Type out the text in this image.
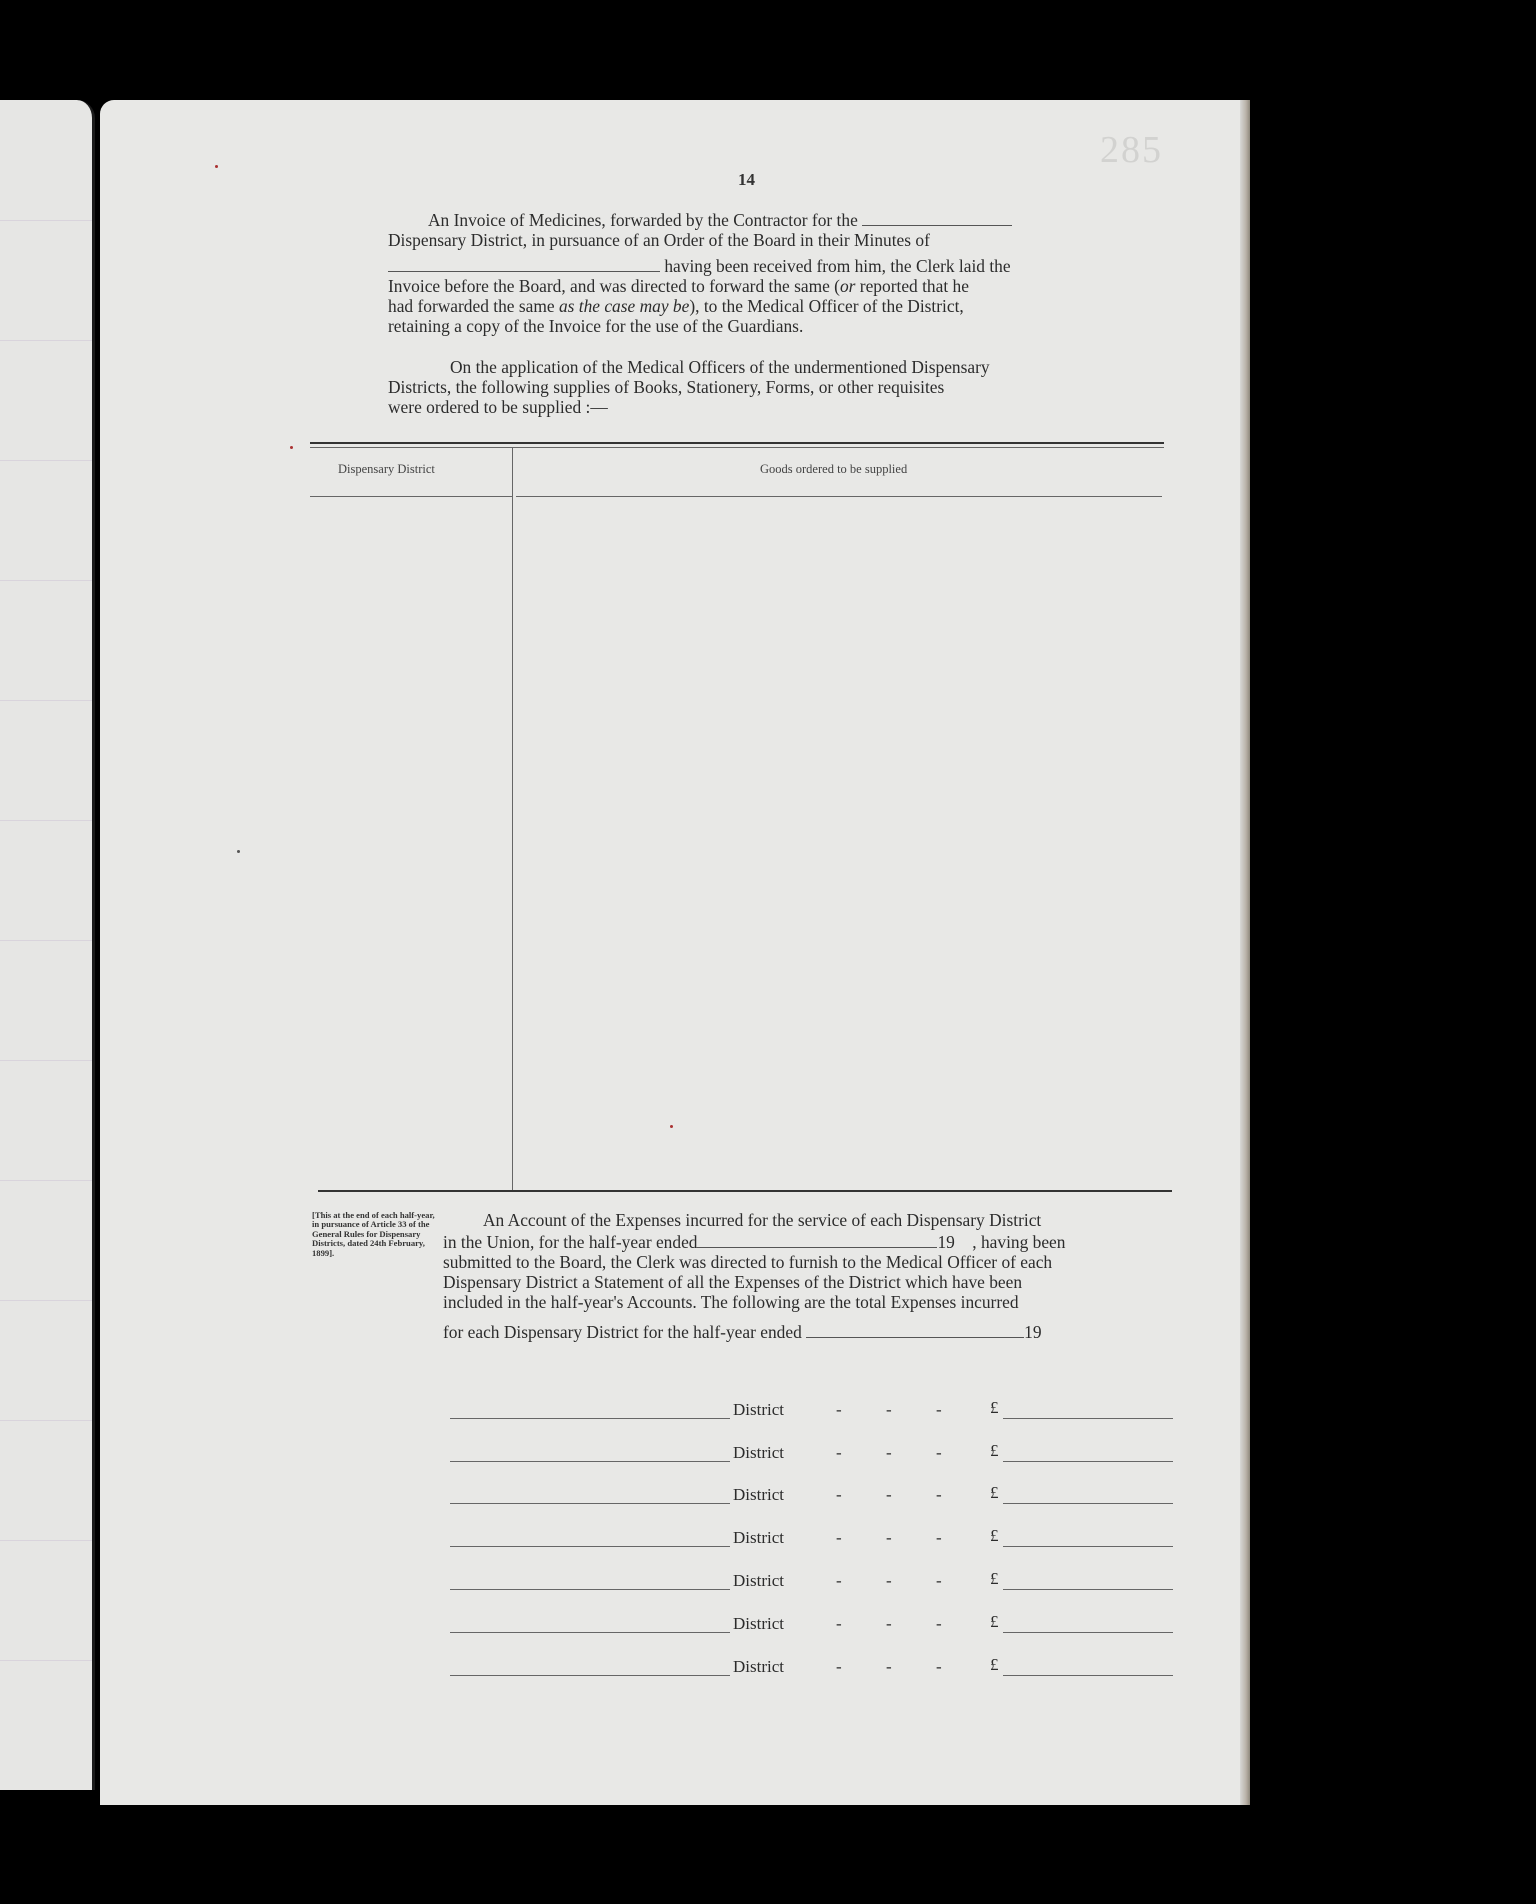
285
14
An Invoice of Medicines, forwarded by the Contractor for the
Dispensary District, in pursuance of an Order of the Board in their Minutes of
having been received from him, the Clerk laid the
Invoice before the Board, and was directed to forward the same (or reported that he
had forwarded the same as the case may be), to the Medical Officer of the District,
retaining a copy of the Invoice for the use of the Guardians.
On the application of the Medical Officers of the undermentioned Dispensary
Districts, the following supplies of Books, Stationery, Forms, or other requisites
were ordered to be supplied :—
Dispensary District	Goods ordered to be supplied
[This at the end of each half-year, in pursuance of Article 33 of the General Rules for Dispensary Districts, dated 24th February, 1899].
An Account of the Expenses incurred for the service of each Dispensary District
in the Union, for the half-year ended	19 , having been
submitted to the Board, the Clerk was directed to furnish to the Medical Officer of each
Dispensary District a Statement of all the Expenses of the District which have been
included in the half-year's Accounts. The following are the total Expenses incurred
for each Dispensary District for the half-year ended	19
District	-	-	-	£
District	-	-	-	£
District	-	-	-	£
District	-	-	-	£
District	-	-	-	£
District	-	-	-	£
District	-	-	-	£
